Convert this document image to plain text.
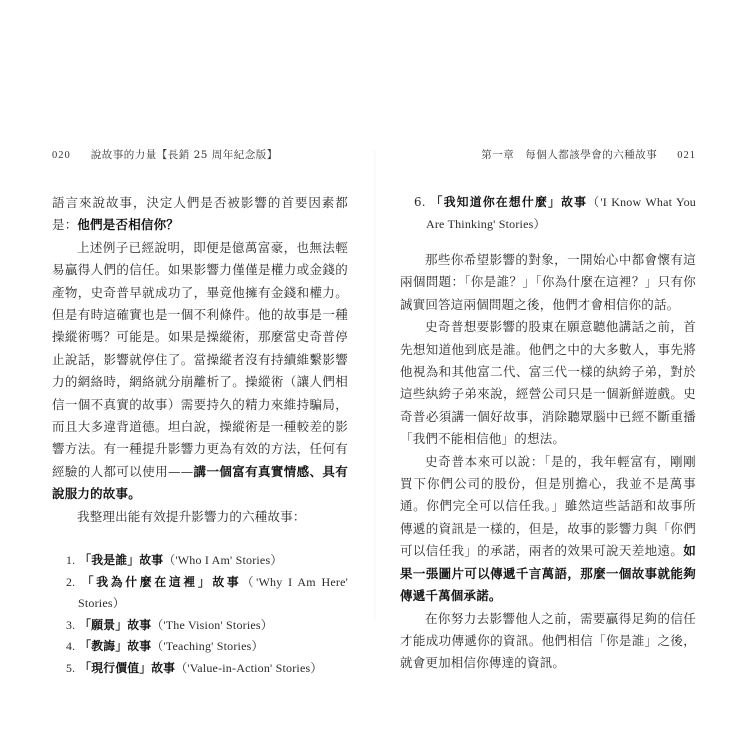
020 說故事的力量【長銷 25 周年紀念版】

語言來說故事，決定人們是否被影響的首要因素都是：他們是否相信你？

上述例子已經說明，即便是億萬富豪，也無法輕易贏得人們的信任。如果影響力僅僅是權力或金錢的產物，史奇普早就成功了，畢竟他擁有金錢和權力。但是有時這確實也是一個不利條件。他的故事是一種操縱術嗎？可能是。如果是操縱術，那麼當史奇普停止說話，影響就停住了。當操縱者沒有持續維繫影響力的網絡時，網絡就分崩離析了。操縱術（讓人們相信一個不真實的故事）需要持久的精力來維持騙局，而且大多違背道德。坦白說，操縱術是一種較差的影響方法。有一種提升影響力更為有效的方法，任何有經驗的人都可以使用——講一個富有真實情感、具有說服力的故事。

我整理出能有效提升影響力的六種故事：

1. 「我是誰」故事（'Who I Am' Stories）
2. 「我為什麼在這裡」故事（'Why I Am Here' Stories）
3. 「願景」故事（'The Vision' Stories）
4. 「教誨」故事（'Teaching' Stories）
5. 「現行價值」故事（'Value-in-Action' Stories）
第一章　每個人都該學會的六種故事 021
6. 「我知道你在想什麼」故事（'I Know What You Are Thinking' Stories）

那些你希望影響的對象，一開始心中都會懷有這兩個問題：「你是誰？」「你為什麼在這裡？」只有你誠實回答這兩個問題之後，他們才會相信你的話。

史奇普想要影響的股東在願意聽他講話之前，首先想知道他到底是誰。他們之中的大多數人，事先將他視為和其他富二代、富三代一樣的紈絝子弟，對於這些紈絝子弟來說，經營公司只是一個新鮮遊戲。史奇普必須講一個好故事，消除聽眾腦中已經不斷重播「我們不能相信他」的想法。

史奇普本來可以說：「是的，我年輕富有，剛剛買下你們公司的股份，但是別擔心，我並不是萬事通。你們完全可以信任我。」雖然這些話語和故事所傳遞的資訊是一樣的，但是，故事的影響力與「你們可以信任我」的承諾，兩者的效果可說天差地遠。如果一張圖片可以傳遞千言萬語，那麼一個故事就能夠傳遞千萬個承諾。

在你努力去影響他人之前，需要贏得足夠的信任才能成功傳遞你的資訊。他們相信「你是誰」之後，就會更加相信你傳達的資訊。
